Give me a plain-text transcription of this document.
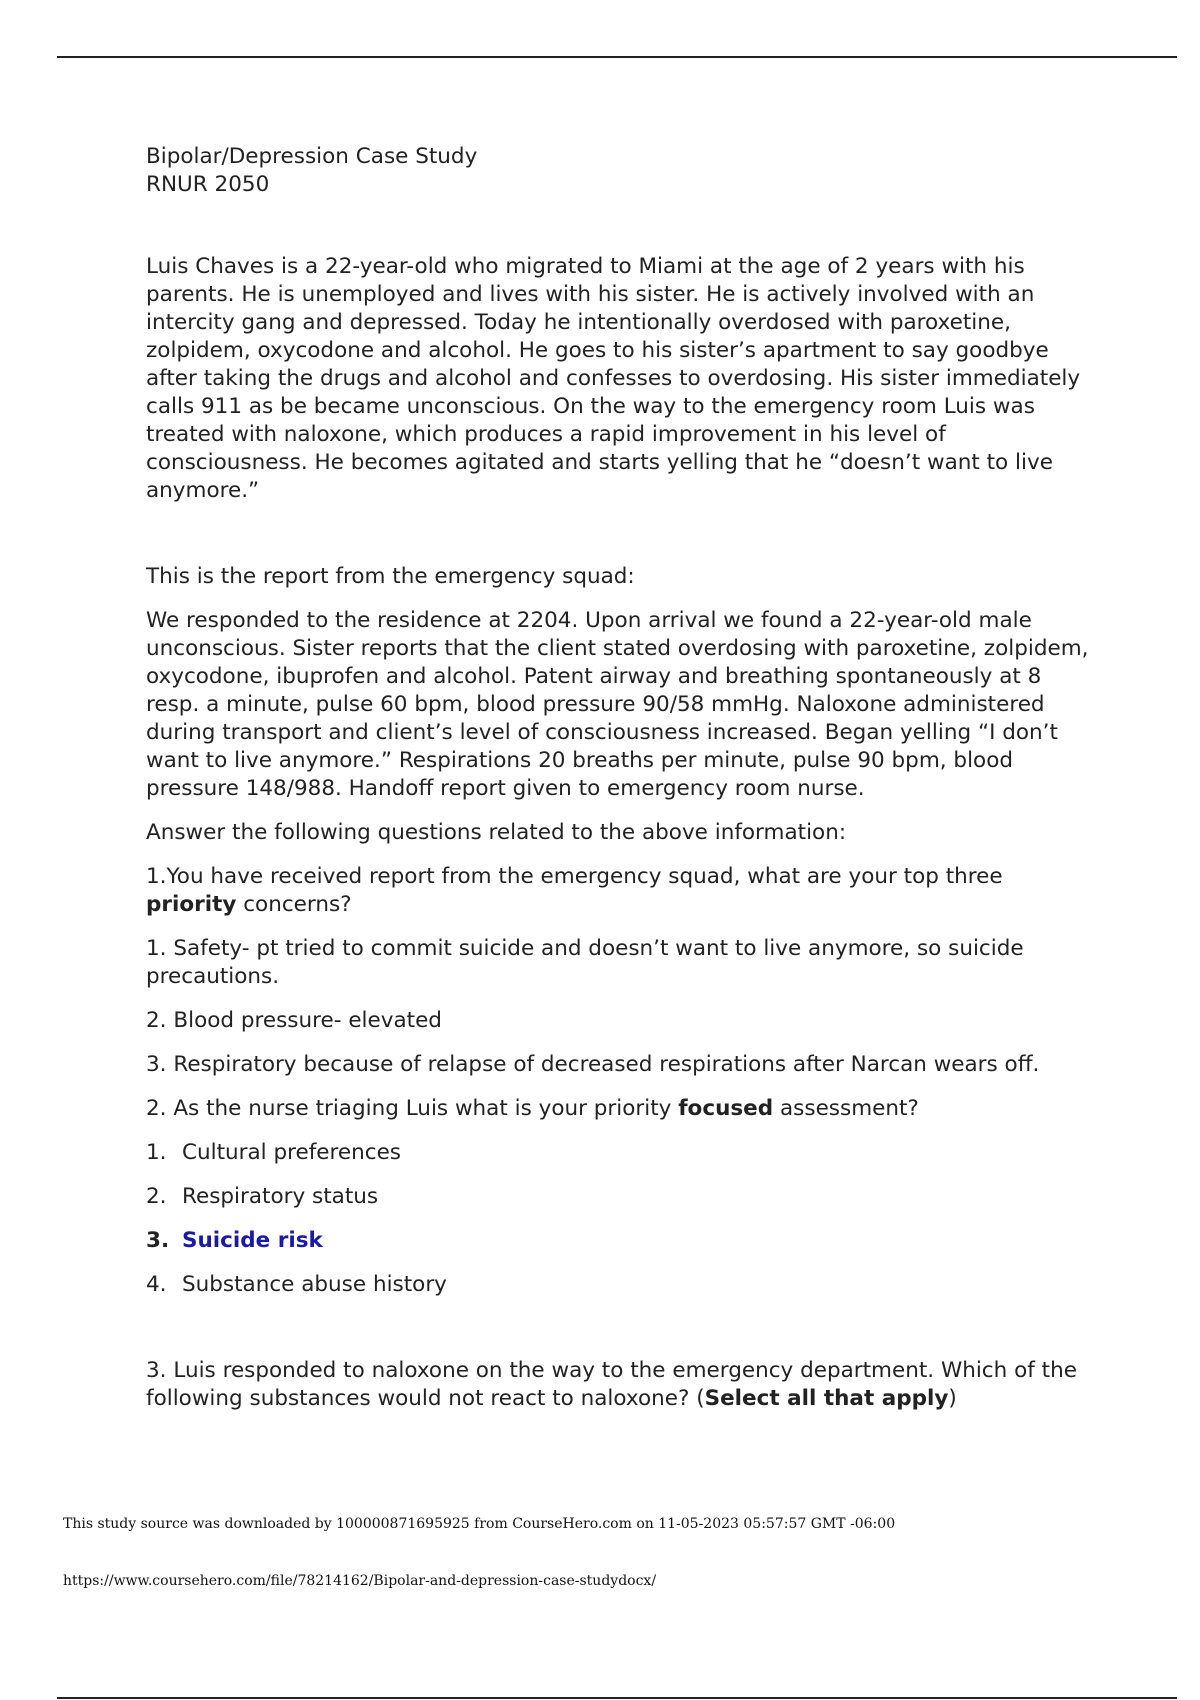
Bipolar/Depression Case Study

RNUR 2050

Luis Chaves is a 22-year-old who migrated to Miami at the age of 2 years with his parents. He is unemployed and lives with his sister. He is actively involved with an intercity gang and depressed. Today he intentionally overdosed with paroxetine, zolpidem, oxycodone and alcohol. He goes to his sister’s apartment to say goodbye after taking the drugs and alcohol and confesses to overdosing. His sister immediately calls 911 as be became unconscious. On the way to the emergency room Luis was treated with naloxone, which produces a rapid improvement in his level of consciousness. He becomes agitated and starts yelling that he “doesn’t want to live anymore.”

This is the report from the emergency squad:

We responded to the residence at 2204. Upon arrival we found a 22-year-old male unconscious. Sister reports that the client stated overdosing with paroxetine, zolpidem, oxycodone, ibuprofen and alcohol. Patent airway and breathing spontaneously at 8 resp. a minute, pulse 60 bpm, blood pressure 90/58 mmHg. Naloxone administered during transport and client’s level of consciousness increased. Began yelling “I don’t want to live anymore.” Respirations 20 breaths per minute, pulse 90 bpm, blood pressure 148/988. Handoff report given to emergency room nurse.

Answer the following questions related to the above information:

1.You have received report from the emergency squad, what are your top three priority concerns?

1. Safety- pt tried to commit suicide and doesn’t want to live anymore, so suicide precautions.

2. Blood pressure- elevated

3. Respiratory because of relapse of decreased respirations after Narcan wears off.

2. As the nurse triaging Luis what is your priority focused assessment?

1. Cultural preferences

2. Respiratory status

3. Suicide risk

4. Substance abuse history

3. Luis responded to naloxone on the way to the emergency department. Which of the following substances would not react to naloxone? (Select all that apply)

This study source was downloaded by 100000871695925 from CourseHero.com on 11-05-2023 05:57:57 GMT -06:00
https://www.coursehero.com/file/78214162/Bipolar-and-depression-case-studydocx/
